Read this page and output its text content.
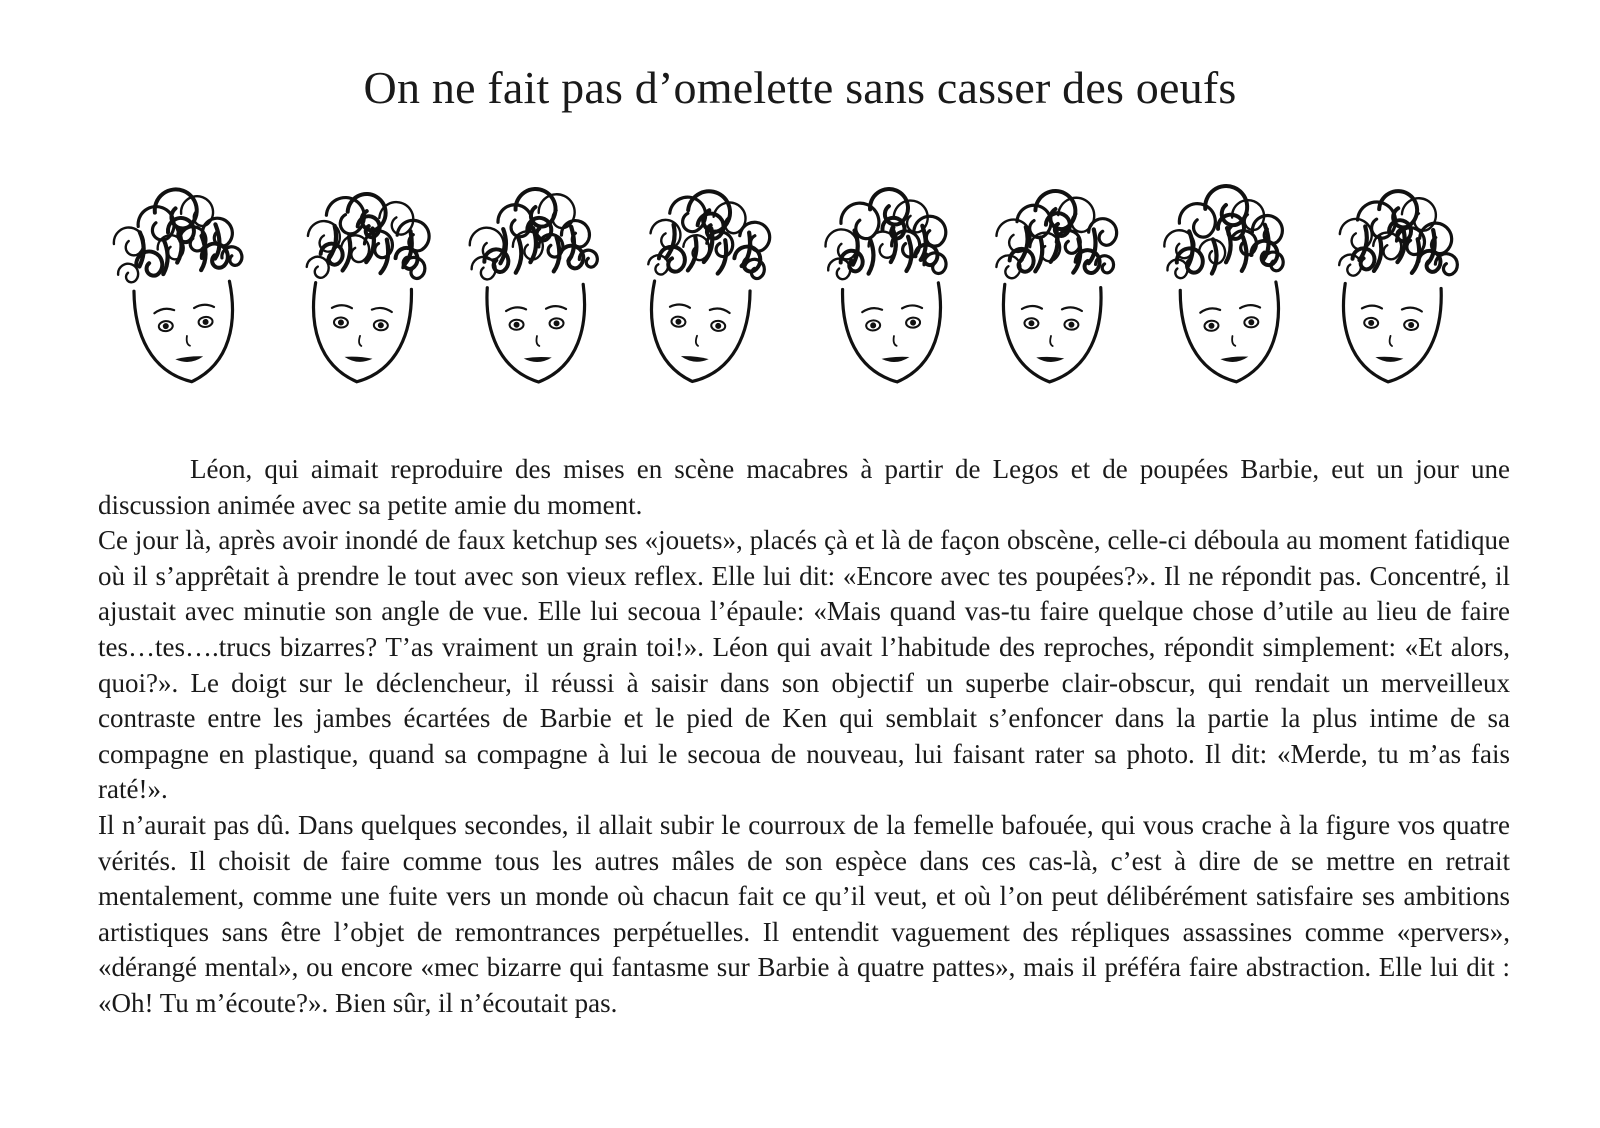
On ne fait pas d’omelette sans casser des oeufs

Léon, qui aimait reproduire des mises en scène macabres à partir de Legos et de poupées Barbie, eut un jour une discussion animée avec sa petite amie du moment.

Ce jour là, après avoir inondé de faux ketchup ses «jouets», placés çà et là de façon obscène, celle-ci déboula au moment fatidique où il s’apprêtait à prendre le tout avec son vieux reflex. Elle lui dit: «Encore avec tes poupées?». Il ne répondit pas. Concentré, il ajustait avec minutie son angle de vue. Elle lui secoua l’épaule: «Mais quand vas-tu faire quelque chose d’utile au lieu de faire tes…tes….trucs bizarres? T’as vraiment un grain toi!». Léon qui avait l’habitude des reproches, répondit simplement: «Et alors, quoi?». Le doigt sur le déclencheur, il réussi à saisir dans son objectif un superbe clair-obscur, qui rendait un merveilleux contraste entre les jambes écartées de Barbie et le pied de Ken qui semblait s’enfoncer dans la partie la plus intime de sa compagne en plastique, quand sa compagne à lui le secoua de nouveau, lui faisant rater sa photo. Il dit: «Merde, tu m’as fais raté!».

Il n’aurait pas dû. Dans quelques secondes, il allait subir le courroux de la femelle bafouée, qui vous crache à la figure vos quatre vérités. Il choisit de faire comme tous les autres mâles de son espèce dans ces cas-là, c’est à dire de se mettre en retrait mentalement, comme une fuite vers un monde où chacun fait ce qu’il veut, et où l’on peut délibérément satisfaire ses ambitions artistiques sans être l’objet de remontrances perpétuelles. Il entendit vaguement des répliques assassines comme «pervers», «dérangé mental», ou encore «mec bizarre qui fantasme sur Barbie à quatre pattes», mais il préféra faire abstraction. Elle lui dit : «Oh! Tu m’écoute?». Bien sûr, il n’écoutait pas.
